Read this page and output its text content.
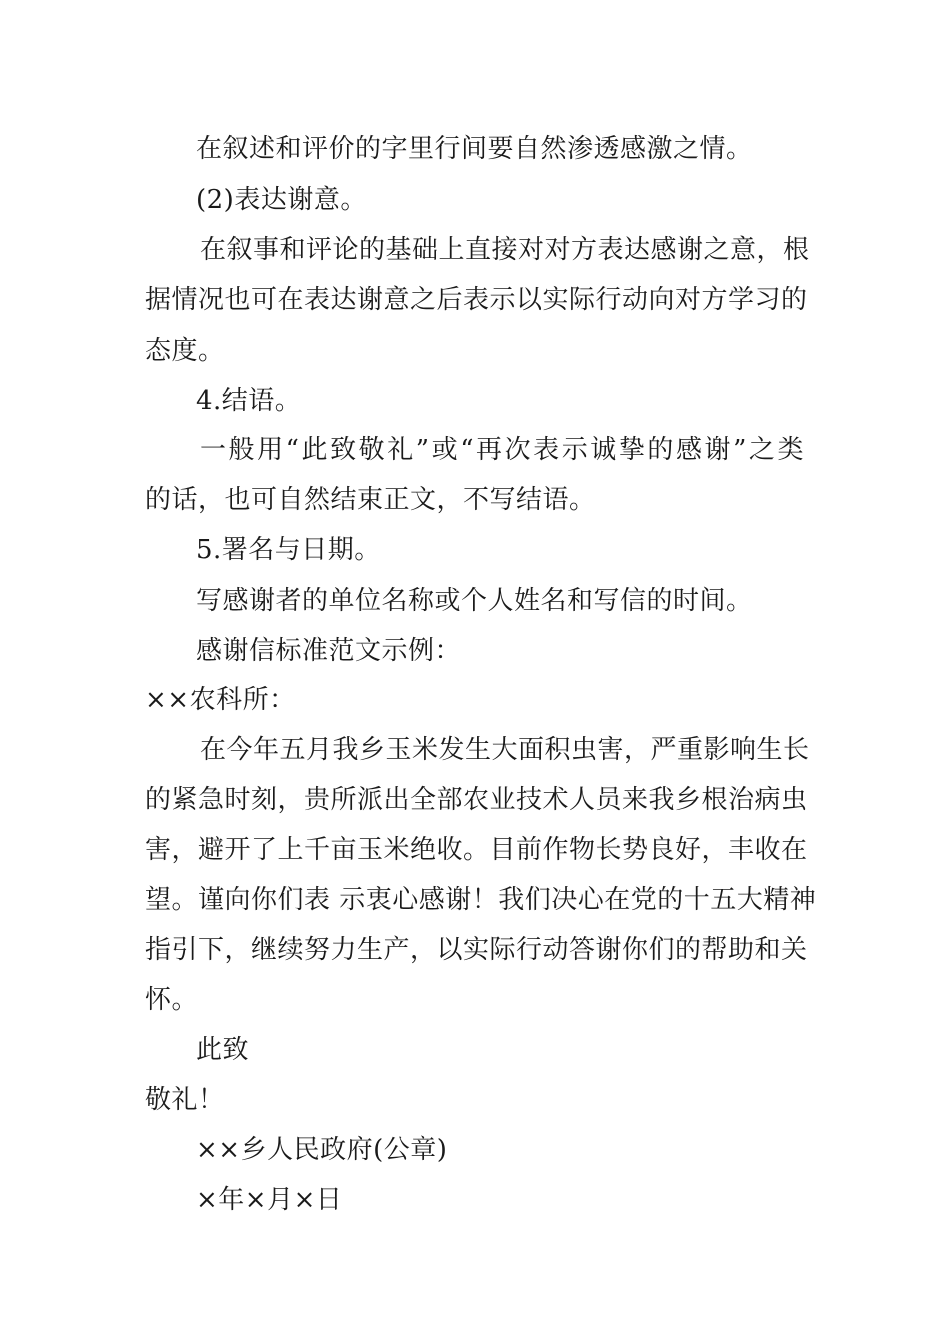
在叙述和评价的字里行间要自然渗透感激之情。

(2)表达谢意。

在叙事和评论的基础上直接对对方表达感谢之意，根

据情况也可在表达谢意之后表示以实际行动向对方学习的

态度。

4.结语。

一般用“此致敬礼”或“再次表示诚挚的感谢”之类

的话，也可自然结束正文，不写结语。

5.署名与日期。

写感谢者的单位名称或个人姓名和写信的时间。

感谢信标准范文示例：

××农科所：

在今年五月我乡玉米发生大面积虫害，严重影响生长

的紧急时刻，贵所派出全部农业技术人员来我乡根治病虫

害，避开了上千亩玉米绝收。目前作物长势良好，丰收在

望。谨向你们表 示衷心感谢！我们决心在党的十五大精神

指引下，继续努力生产，以实际行动答谢你们的帮助和关

怀。

此致

敬礼！

××乡人民政府(公章)

×年×月×日
